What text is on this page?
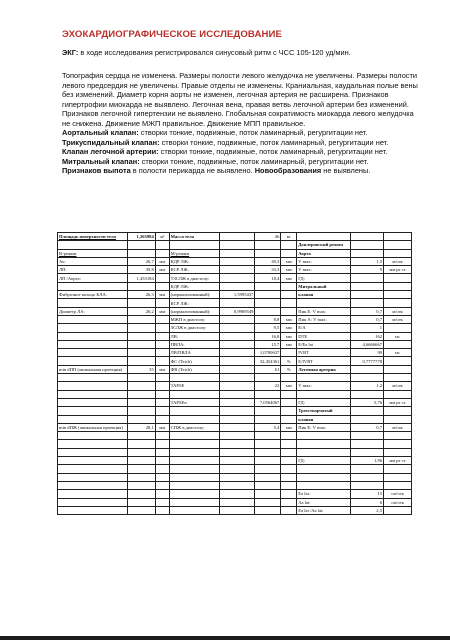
ЭХОКАРДИОГРАФИЧЕСКОЕ ИССЛЕДОВАНИЕ
ЭКГ: в ходе исследования регистрировался синусовый ритм с ЧСС 105-120 уд/мин.

Топография сердца не изменена. Размеры полости левого желудочка не увеличены. Размеры полости левого предсердия не увеличены. Правые отделы не изменены. Краниальная, каудальная полые вены без изменений. Диаметр корня аорты не изменен, легочная артерия не расширена. Признаков гипертрофии миокарда не выявлено. Легочная вена, правая ветвь легочной артерии без изменений. Признаков легочной гипертензии не выявлено. Глобальная сократимость миокарда левого желудочка не снижена. Движение МЖП правильное. Движение МПП правильное.

Аортальный клапан: створки тонкие, подвижные, поток ламинарный, регургитации нет.

Трикуспидальный клапан: створки тонкие, подвижные, поток ламинарный, регургитации нет.

Клапан легочной артерии: створки тонкие, подвижные, поток ламинарный, регургитации нет.

Митральный клапан: створки тонкие, подвижные, поток ламинарный, регургитации нет.

Признаков выпота в полости перикарда не выявлено. Новообразования не выявлены.

Площадь поверхности тела	1,263984	м²	Масса тела		46	кг			
							Доплеровский режим		
В-режим			М-режим				Аорта		
Ао:	26,7	мм	КДР ЛЖ:		49,3	мм	V max:	1,5	м/сек
ЛП:	39,8	мм	КСР ЛЖ:		33,3	мм	V max:	9	мм рт ст
ЛП /Аорта:	1,453184		ТЗСЛЖ в диастолу:		18,4	мм	ГД:		
			КДР ЛЖ:				Митральный		
Фиброзное кольцо КЛА:	26,3	мм	(нормализованный):	1,5995437			клапан		
			КСР ЛЖ:						
Диаметр ЛА:	26,2	мм	(нормализованный):	0,9969549			Пик Е: V max:	0,7	м/сек
			МЖП в диастолу:		8,8	мм	Пик А: V max:	0,7	м/сек
			ЗСЛЖ в диастолу:		9,5	мм	Е/А	1	
			ЛВ:		16,8	мм	DTE	162	мс
			ПВЛА:		15,7	мм	Е/Еа lat	4,6666667	
			ЛВ/ПВЛА		1,0700637		IVRT	90	мс
			ФС (Teich)		32,454361	%	Е/IVRT	0,7777778	
min dПП (апикальная проекция)	35	мм	ФВ (Teich)		61	%	Легочная артерия		

			TAPSE		22	мм	V max:	1,2	м/сек

			TAPSEn		7,0564067		ГД:	5,76	мм рт ст
							Трехстворчатый		
							клапан		
min dПЖ (апикальная проекция)	28,1	мм	СПЖ в диастолу:		5,4	мм	Пик Е: V max:	0,7	м/сек

							ГД:	1,96	мм рт ст

							Еа lat:	15	см/сек
							Аа lat:	6	см/сек
							Еа lat /Аа lat:	2,5	
